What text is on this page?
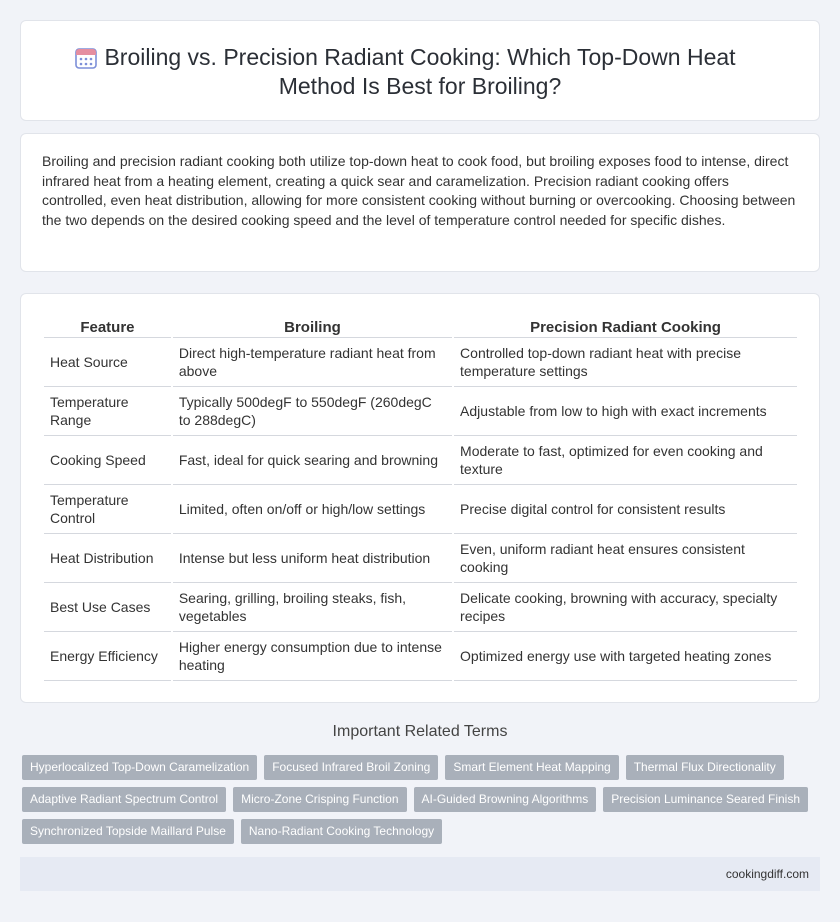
Broiling vs. Precision Radiant Cooking: Which Top-Down Heat
Method Is Best for Broiling?

Broiling and precision radiant cooking both utilize top-down heat to cook food, but broiling exposes food to intense, direct infrared heat from a heating element, creating a quick sear and caramelization. Precision radiant cooking offers controlled, even heat distribution, allowing for more consistent cooking without burning or overcooking. Choosing between the two depends on the desired cooking speed and the level of temperature control needed for specific dishes.

Feature	Broiling	Precision Radiant Cooking
Heat Source	Direct high-temperature radiant heat from above	Controlled top-down radiant heat with precise temperature settings
Temperature Range	Typically 500degF to 550degF (260degC to 288degC)	Adjustable from low to high with exact increments
Cooking Speed	Fast, ideal for quick searing and browning	Moderate to fast, optimized for even cooking and texture
Temperature Control	Limited, often on/off or high/low settings	Precise digital control for consistent results
Heat Distribution	Intense but less uniform heat distribution	Even, uniform radiant heat ensures consistent cooking
Best Use Cases	Searing, grilling, broiling steaks, fish, vegetables	Delicate cooking, browning with accuracy, specialty recipes
Energy Efficiency	Higher energy consumption due to intense heating	Optimized energy use with targeted heating zones
Important Related Terms
Hyperlocalized Top-Down Caramelization	Focused Infrared Broil Zoning	Smart Element Heat Mapping	Thermal Flux Directionality
Adaptive Radiant Spectrum Control	Micro-Zone Crisping Function	AI-Guided Browning Algorithms	Precision Luminance Seared Finish
Synchronized Topside Maillard Pulse	Nano-Radiant Cooking Technology
cookingdiff.com
